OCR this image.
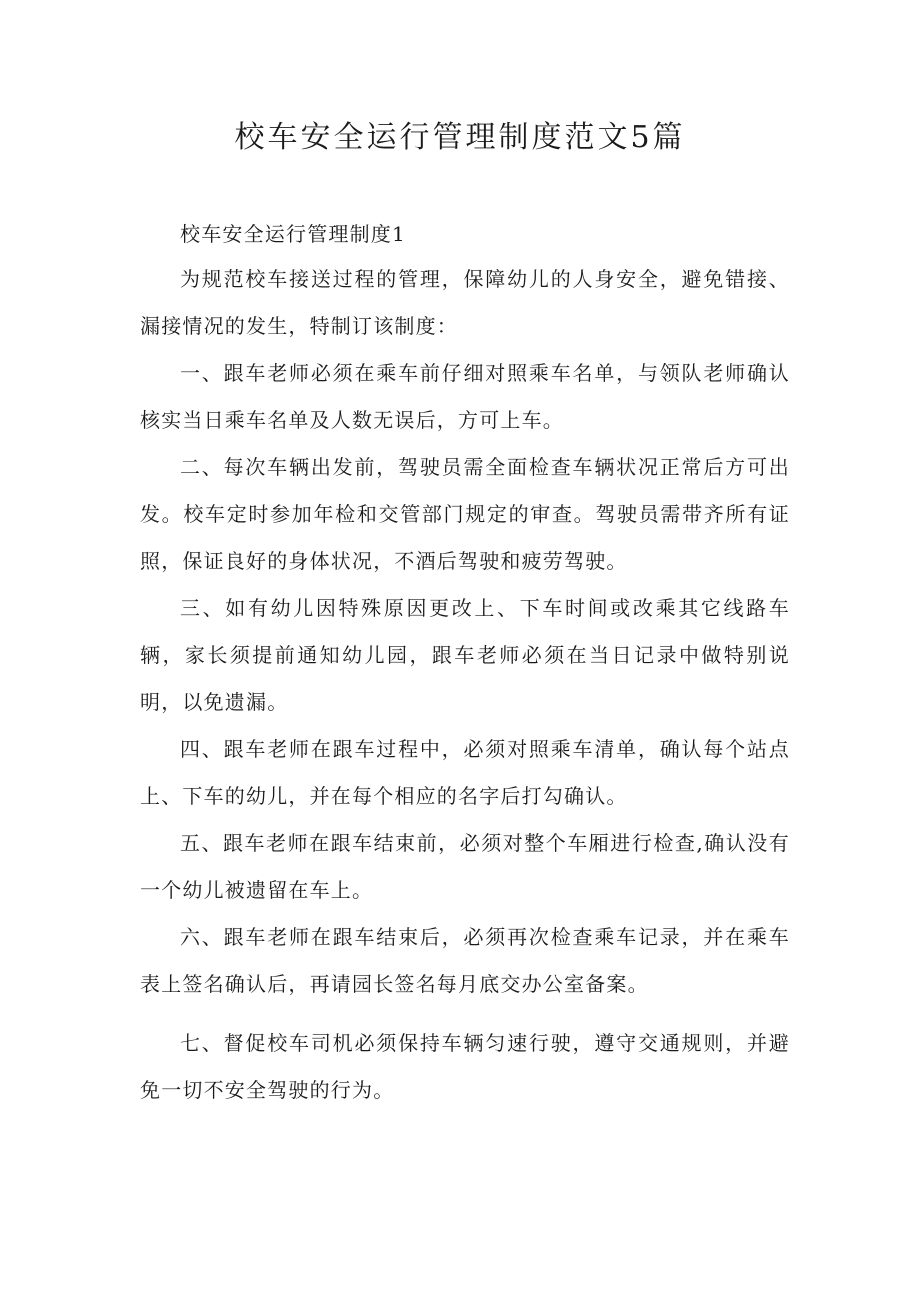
校车安全运行管理制度范文5篇

校车安全运行管理制度1

为规范校车接送过程的管理，保障幼儿的人身安全，避免错接、漏接情况的发生，特制订该制度：

一、跟车老师必须在乘车前仔细对照乘车名单，与领队老师确认核实当日乘车名单及人数无误后，方可上车。

二、每次车辆出发前，驾驶员需全面检查车辆状况正常后方可出发。校车定时参加年检和交管部门规定的审查。驾驶员需带齐所有证照，保证良好的身体状况，不酒后驾驶和疲劳驾驶。

三、如有幼儿因特殊原因更改上、下车时间或改乘其它线路车辆，家长须提前通知幼儿园，跟车老师必须在当日记录中做特别说明，以免遗漏。

四、跟车老师在跟车过程中，必须对照乘车清单，确认每个站点上、下车的幼儿，并在每个相应的名字后打勾确认。

五、跟车老师在跟车结束前，必须对整个车厢进行检查,确认没有一个幼儿被遗留在车上。

六、跟车老师在跟车结束后，必须再次检查乘车记录，并在乘车表上签名确认后，再请园长签名每月底交办公室备案。

七、督促校车司机必须保持车辆匀速行驶，遵守交通规则，并避免一切不安全驾驶的行为。
